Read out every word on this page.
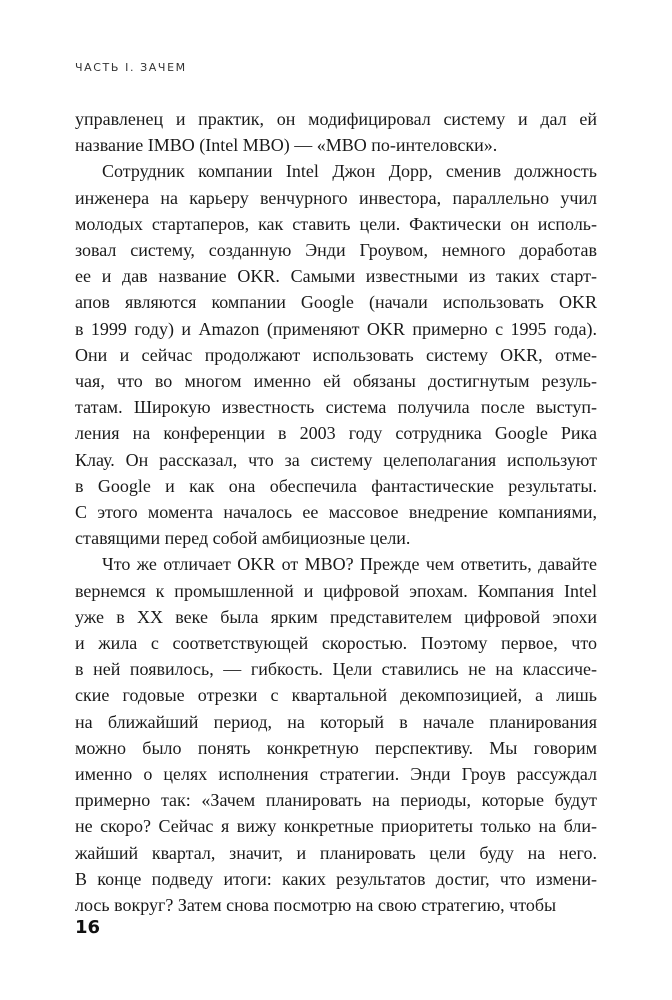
ЧАСТЬ I. ЗАЧЕМ
управленец и практик, он модифицировал систему и дал ей
название IMBO (Intel MBO) — «МВО по-интеловски».
Сотрудник компании Intel Джон Дорр, сменив должность
инженера на карьеру венчурного инвестора, параллельно учил
молодых стартаперов, как ставить цели. Фактически он исполь-
зовал систему, созданную Энди Гроувом, немного доработав
ее и дав название OKR. Самыми известными из таких старт-
апов являются компании Google (начали использовать OKR
в 1999 году) и Amazon (применяют OKR примерно с 1995 года).
Они и сейчас продолжают использовать систему OKR, отме-
чая, что во многом именно ей обязаны достигнутым резуль-
татам. Широкую известность система получила после выступ-
ления на конференции в 2003 году сотрудника Google Рика
Клау. Он рассказал, что за систему целеполагания используют
в Google и как она обеспечила фантастические результаты.
С этого момента началось ее массовое внедрение компаниями,
ставящими перед собой амбициозные цели.
Что же отличает OKR от МВО? Прежде чем ответить, давайте
вернемся к промышленной и цифровой эпохам. Компания Intel
уже в XX веке была ярким представителем цифровой эпохи
и жила с соответствующей скоростью. Поэтому первое, что
в ней появилось, — гибкость. Цели ставились не на классиче-
ские годовые отрезки с квартальной декомпозицией, а лишь
на ближайший период, на который в начале планирования
можно было понять конкретную перспективу. Мы говорим
именно о целях исполнения стратегии. Энди Гроув рассуждал
примерно так: «Зачем планировать на периоды, которые будут
не скоро? Сейчас я вижу конкретные приоритеты только на бли-
жайший квартал, значит, и планировать цели буду на него.
В конце подведу итоги: каких результатов достиг, что измени-
лось вокруг? Затем снова посмотрю на свою стратегию, чтобы
16
